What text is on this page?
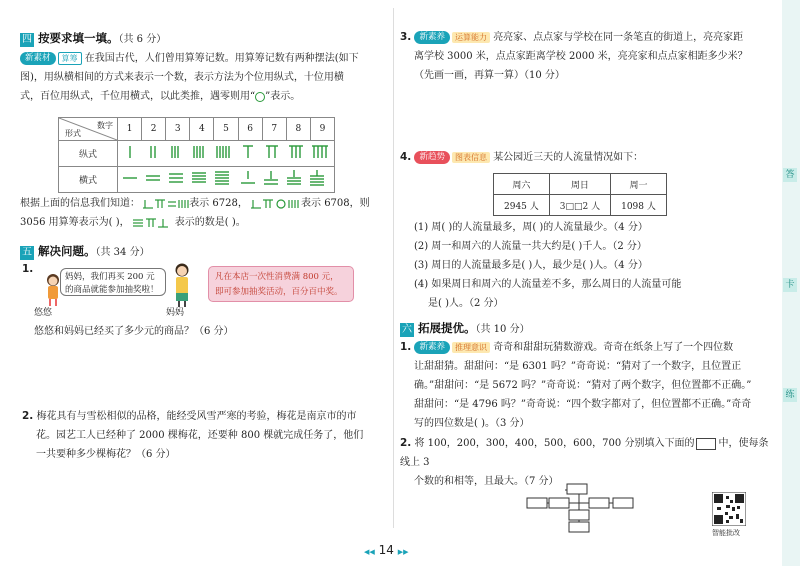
答
卡
练
四 按要求填一填。（共 6 分）

新素材 算筹 在我国古代，人们曾用算筹记数。用算筹记数有两种摆法(如下

图)，用纵横相间的方式来表示一个数，表示方法为个位用纵式，十位用横

式，百位用纵式，千位用横式，以此类推，遇零则用“ ”表示。

数字
形式	1	2	3	4	5	6	7	8	9
纵式	
横式	

根据上面的信息我们知道：	表示 6728，	表示 6708，则

3056 用算筹表示为( )，	表示的数是( )。

五 解决问题。（共 34 分）
1.
悠悠
妈妈，我们再买 200 元的商品就能参加抽奖啦！
妈妈
凡在本店一次性消费满 800 元，即可参加抽奖活动，百分百中奖。
悠悠和妈妈已经买了多少元的商品？（6 分）

2. 梅花具有与雪松相似的品格，能经受风雪严寒的考验，梅花是南京市的市

花。园艺工人已经种了 2000 棵梅花，还要种 800 棵就完成任务了，他们

一共要种多少棵梅花？（6 分）

◀◀ 14 ▶▶

3. 新素养 运算能力 亮亮家、点点家与学校在同一条笔直的街道上，亮亮家距

离学校 3000 米，点点家距离学校 2000 米，亮亮家和点点家相距多少米？

（先画一画，再算一算）（10 分）

4. 新趋势 图表信息 某公园近三天的人流量情况如下：

周六	周日	周一
2945 人	3□□2 人	1098 人

(1) 周( )的人流量最多，周( )的人流量最少。（4 分）

(2) 周一和周六的人流量一共大约是( )千人。（2 分）

(3) 周日的人流量最多是( )人，最少是( )人。（4 分）

(4) 如果周日和周六的人流量差不多，那么周日的人流量可能

是( )人。（2 分）

六 拓展提优。（共 10 分）

1. 新素养 推理意识 奇奇和甜甜玩猜数游戏。奇奇在纸条上写了一个四位数

让甜甜猜。甜甜问：“是 6301 吗？”奇奇说：“猜对了一个数字，且位置正

确。”甜甜问：“是 5672 吗？”奇奇说：“猜对了两个数字，但位置都不正确。”

甜甜问：“是 4796 吗？”奇奇说：“四个数字都对了，但位置都不正确。”奇奇

写的四位数是( )。（3 分）

2. 将 100，200，300，400，500，600，700 分别填入下面的 中，使每条线上 3

个数的和相等，且最大。（7 分）

智能批改
